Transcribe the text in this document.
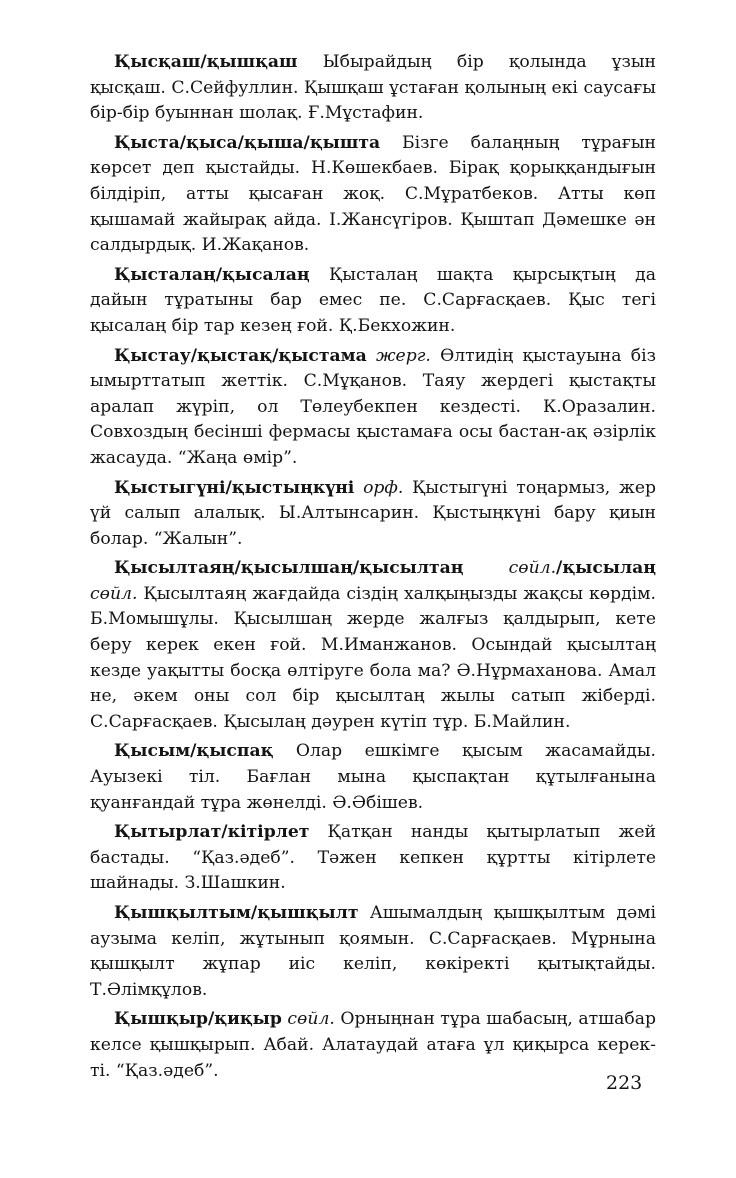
Қысқаш/қышқаш Ыбырайдың бір қолында ұзын қысқаш. С.Сейфуллин. Қышқаш ұстаған қолының екі саусағы бір-бір буыннан шолақ. Ғ.Мұстафин.

Қыста/қыса/қыша/қышта Бізге балаңның тұрағын көрсет деп қыстайды. Н.Көшекбаев. Бірақ қорыққандығын білдіріп, атты қысаған жоқ. С.Мұратбеков. Атты көп қышамай жайырақ айда. І.Жансүгіров. Қыштап Дәмешке ән салдырдық. И.Жақанов.

Қысталаң/қысалаң Қысталаң шақта қырсықтың да дайын тұратыны бар емес пе. С.Сарғасқаев. Қыс тегі қысалаң бір тар кезең ғой. Қ.Бекхожин.

Қыстау/қыстақ/қыстама жерг. Өлтидің қыстауына біз ымырттатып жеттік. С.Мұқанов. Таяу жердегі қыстақты аралап жүріп, ол Төлеубекпен кездесті. К.Оразалин. Совхоздың бесінші фермасы қыстамаға осы бастан-ақ әзірлік жасауда. “Жаңа өмір”.

Қыстыгүні/қыстыңкүні орф. Қыстыгүні тоңармыз, жер үй салып алалық. Ы.Алтынсарин. Қыстыңкүні бару қиын болар. “Жалын”.

Қысылтаяң/қысылшаң/қысылтаң	сөйл./қысылаң сөйл. Қысылтаяң жағдайда сіздің халқыңызды жақсы көрдім. Б.Момышұлы. Қысылшаң жерде жалғыз қалдырып, кете беру керек екен ғой. М.Иманжанов. Осындай қысылтаң кезде уақытты босқа өлтіруге бола ма? Ә.Нұрмаханова. Амал не, әкем оны сол бір қысылтаң жылы сатып жіберді. С.Сарғасқаев. Қысылаң дәурен күтіп тұр. Б.Майлин.

Қысым/қыспақ Олар ешкімге қысым жасамайды. Ауызекі тіл. Бағлан мына қыспақтан құтылғанына қуанғандай тұра жөнелді. Ә.Әбішев.

Қытырлат/кітірлет Қатқан нанды қытырлатып жей бастады. “Қаз.әдеб”. Тәжен кепкен құртты кітірлете шайнады. З.Шашкин.

Қышқылтым/қышқылт Ашымалдың қышқылтым дәмі аузыма келіп, жұтынып қоямын. С.Сарғасқаев. Мұрнына қышқылт жұпар иіс келіп, көкіректі қытықтайды. Т.Әлімқұлов.

Қышқыр/қиқыр сөйл. Орныңнан тұра шабасың, атшабар келсе қышқырып. Абай. Алатаудай атаға ұл қиқырса керек-ті. “Қаз.әдеб”.

223
